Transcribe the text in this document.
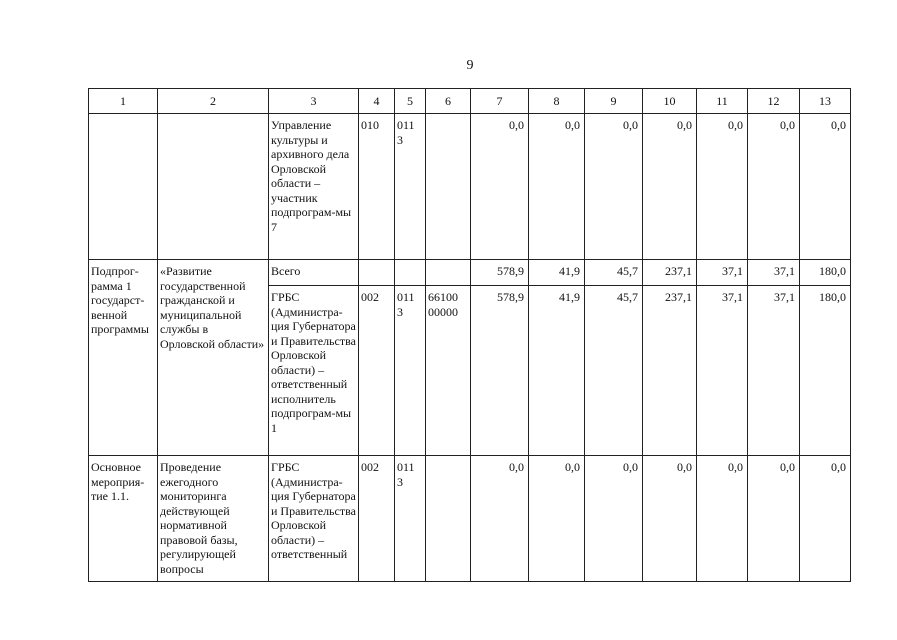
9
1	2	3	4	5	6	7	8	9	10	11	12	13
		Управление культуры и архивного дела Орловской области – участник подпрограм-мы 7	010	011 3		0,0	0,0	0,0	0,0	0,0	0,0	0,0
Подпрог-рамма 1 государст-венной программы	«Развитие государственной гражданской и муниципальной службы в Орловской области»	Всего				578,9	41,9	45,7	237,1	37,1	37,1	180,0
		ГРБС (Администра-ция Губернатора и Правительства Орловской области) – ответственный исполнитель подпрограм-мы 1	002	011 3	66100 00000	578,9	41,9	45,7	237,1	37,1	37,1	180,0
Основное мероприя-тие 1.1.	Проведение ежегодного мониторинга действующей нормативной правовой базы, регулирующей вопросы	ГРБС (Администра-ция Губернатора и Правительства Орловской области) – ответственный	002	011 3		0,0	0,0	0,0	0,0	0,0	0,0	0,0
